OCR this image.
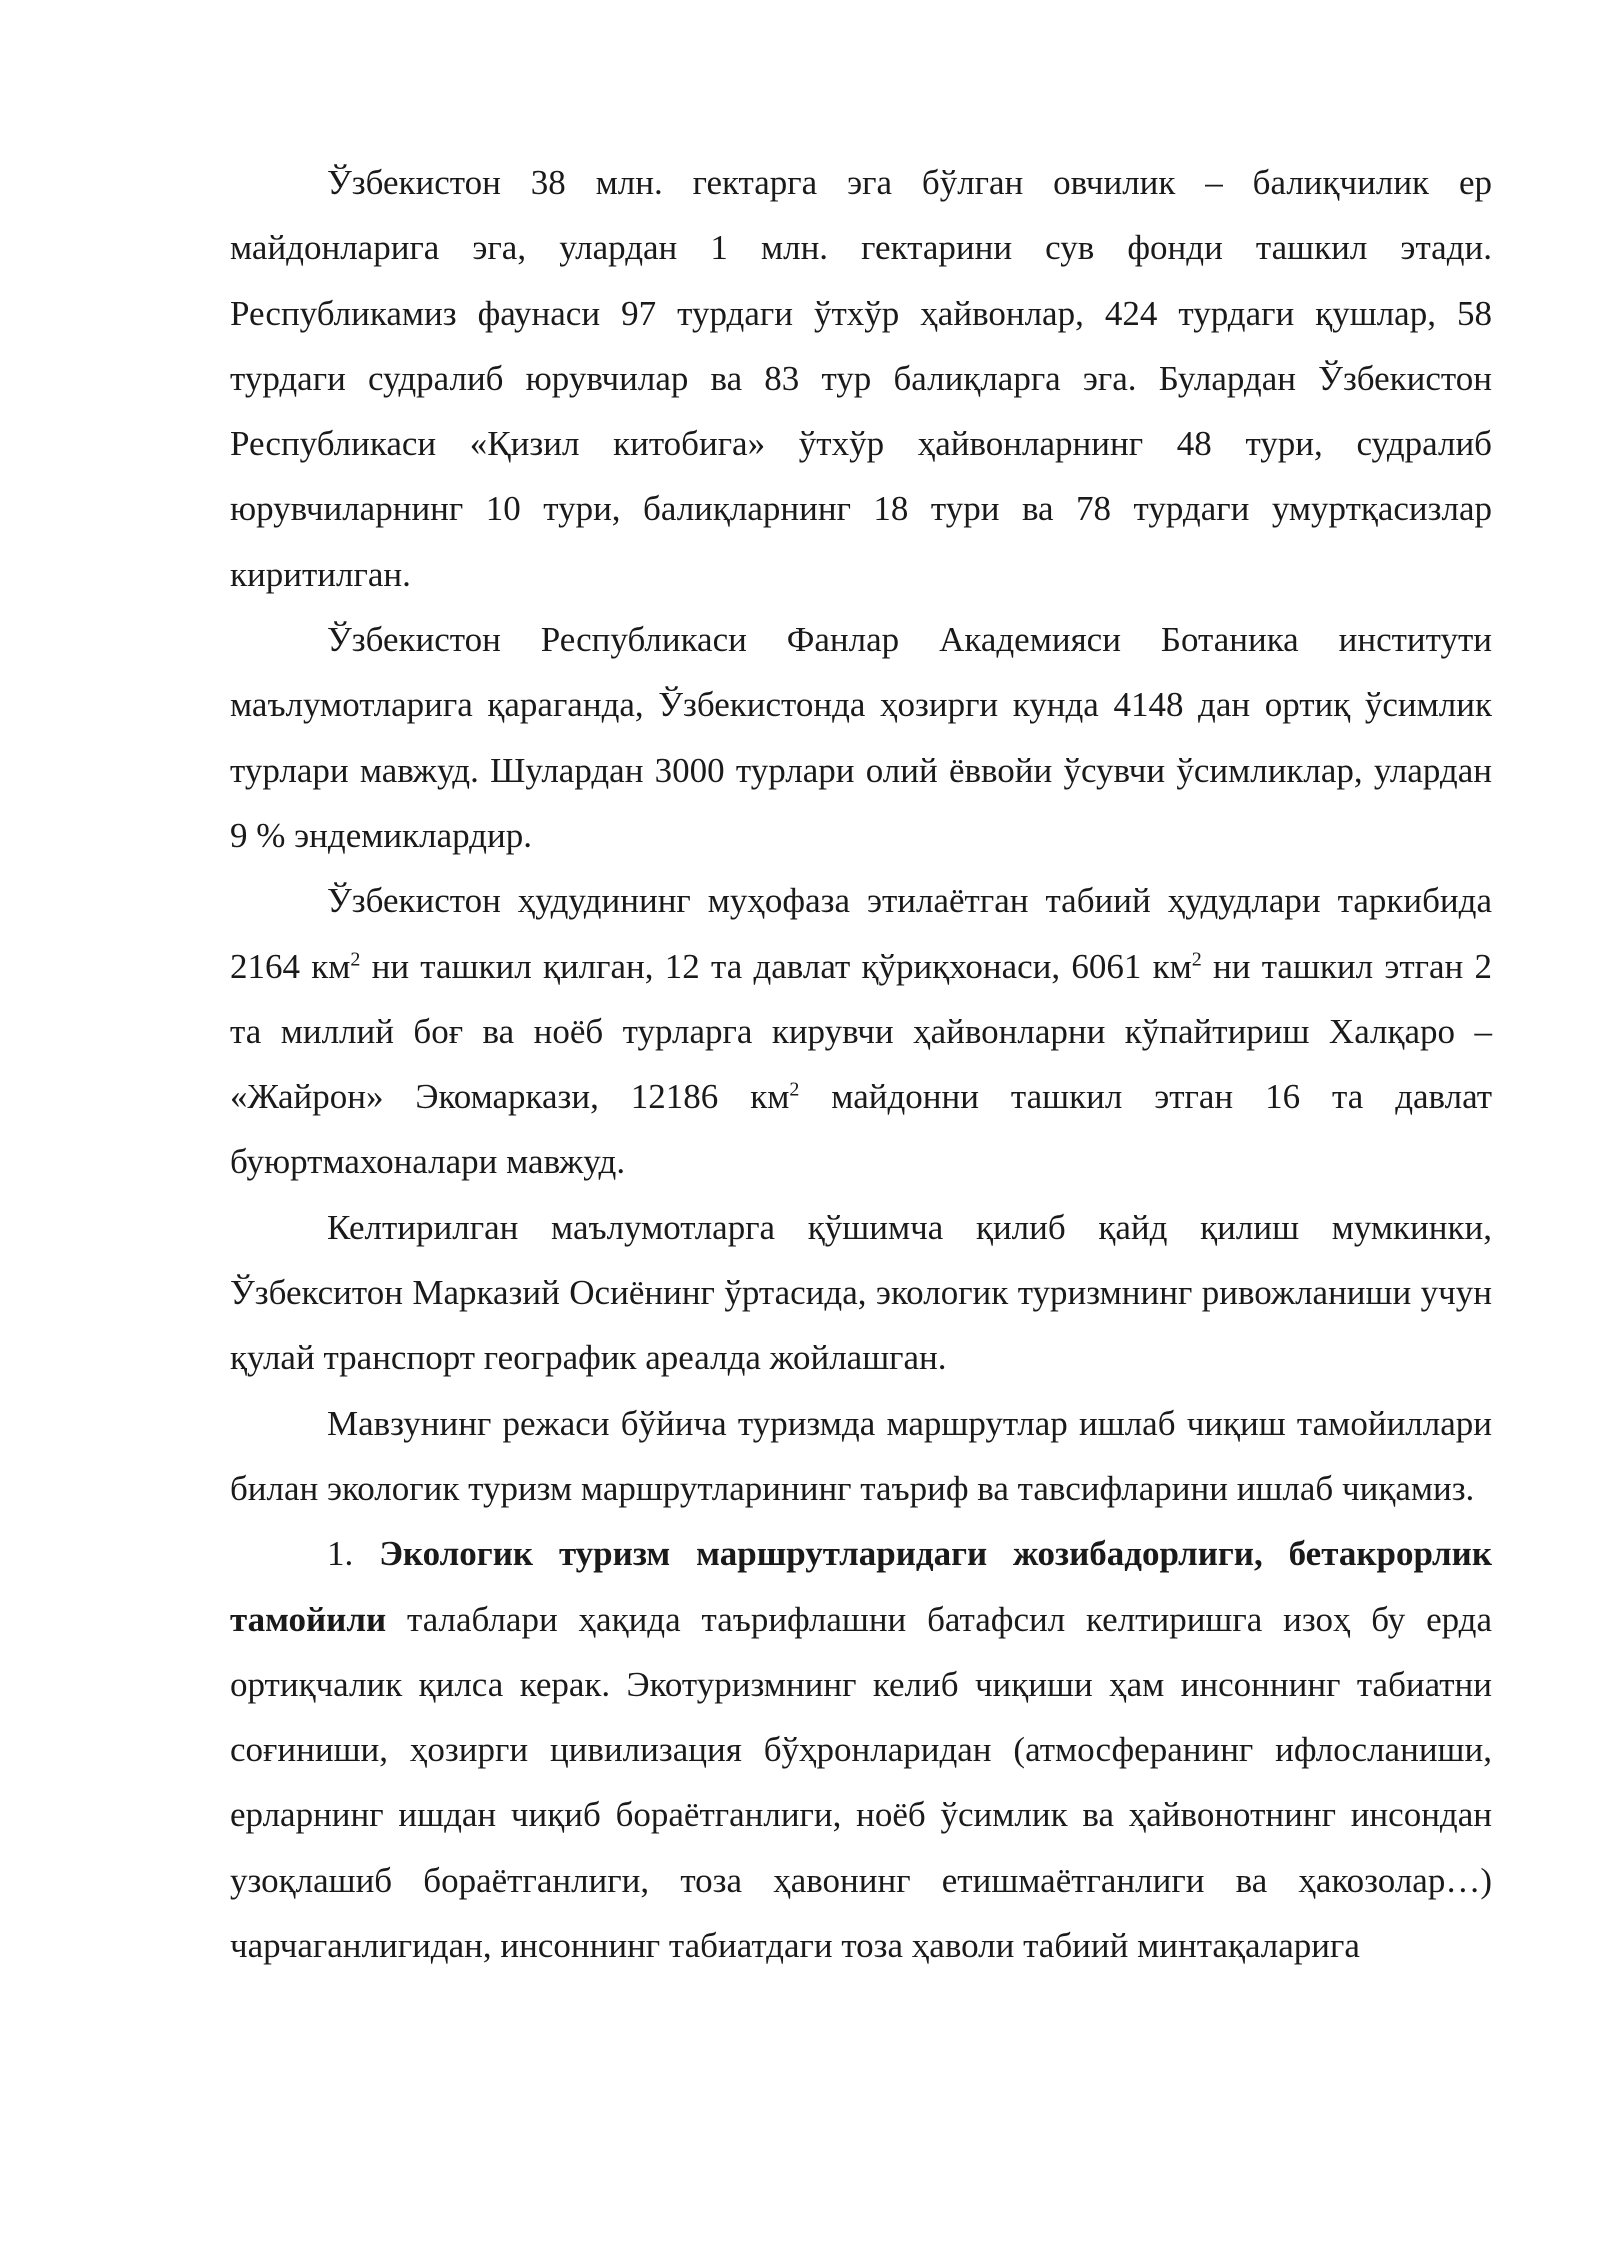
Ўзбекистон 38 млн. гектарга эга бўлган овчилик – балиқчилик ер майдонларига эга, улардан 1 млн. гектарини сув фонди ташкил этади. Республикамиз фаунаси 97 турдаги ўтхўр ҳайвонлар, 424 турдаги қушлар, 58 турдаги судралиб юрувчилар ва 83 тур балиқларга эга. Булардан Ўзбекистон Республикаси «Қизил китобига» ўтхўр ҳайвонларнинг 48 тури, судралиб юрувчиларнинг 10 тури, балиқларнинг 18 тури ва 78 турдаги умуртқасизлар киритилган.

Ўзбекистон Республикаси Фанлар Академияси Ботаника институти маълумотларига қараганда, Ўзбекистонда ҳозирги кунда 4148 дан ортиқ ўсимлик турлари мавжуд. Шулардан 3000 турлари олий ёввойи ўсувчи ўсимликлар, улардан 9 % эндемиклардир.

Ўзбекистон ҳудудининг муҳофаза этилаётган табиий ҳудудлари таркибида 2164 $км^2$ ни ташкил қилган, 12 та давлат қўриқхонаси, 6061 $км^2$ ни ташкил этган 2 та миллий боғ ва ноёб турларга кирувчи ҳайвонларни кўпайтириш Халқаро – «Жайрон» Экомаркази, 12186 $км^2$ майдонни ташкил этган 16 та давлат буюртмахоналари мавжуд.

Келтирилган маълумотларга қўшимча қилиб қайд қилиш мумкинки, Ўзбекситон Марказий Осиёнинг ўртасида, экологик туризмнинг ривожланиши учун қулай транспорт географик ареалда жойлашган.

Мавзунинг режаси бўйича туризмда маршрутлар ишлаб чиқиш тамойиллари билан экологик туризм маршрутларининг таъриф ва тавсифларини ишлаб чиқамиз.

1. Экологик туризм маршрутларидаги жозибадорлиги, бетакрорлик тамойили талаблари ҳақида таърифлашни батафсил келтиришга изоҳ бу ерда ортиқчалик қилса керак. Экотуризмнинг келиб чиқиши ҳам инсоннинг табиатни соғиниши, ҳозирги цивилизация бўҳронларидан (атмосферанинг ифлосланиши, ерларнинг ишдан чиқиб бораётганлиги, ноёб ўсимлик ва ҳайвонотнинг инсондан узоқлашиб бораётганлиги, тоза ҳавонинг етишмаётганлиги ва ҳакозолар…) чарчаганлигидан, инсоннинг табиатдаги тоза ҳаволи табиий минтақаларига
